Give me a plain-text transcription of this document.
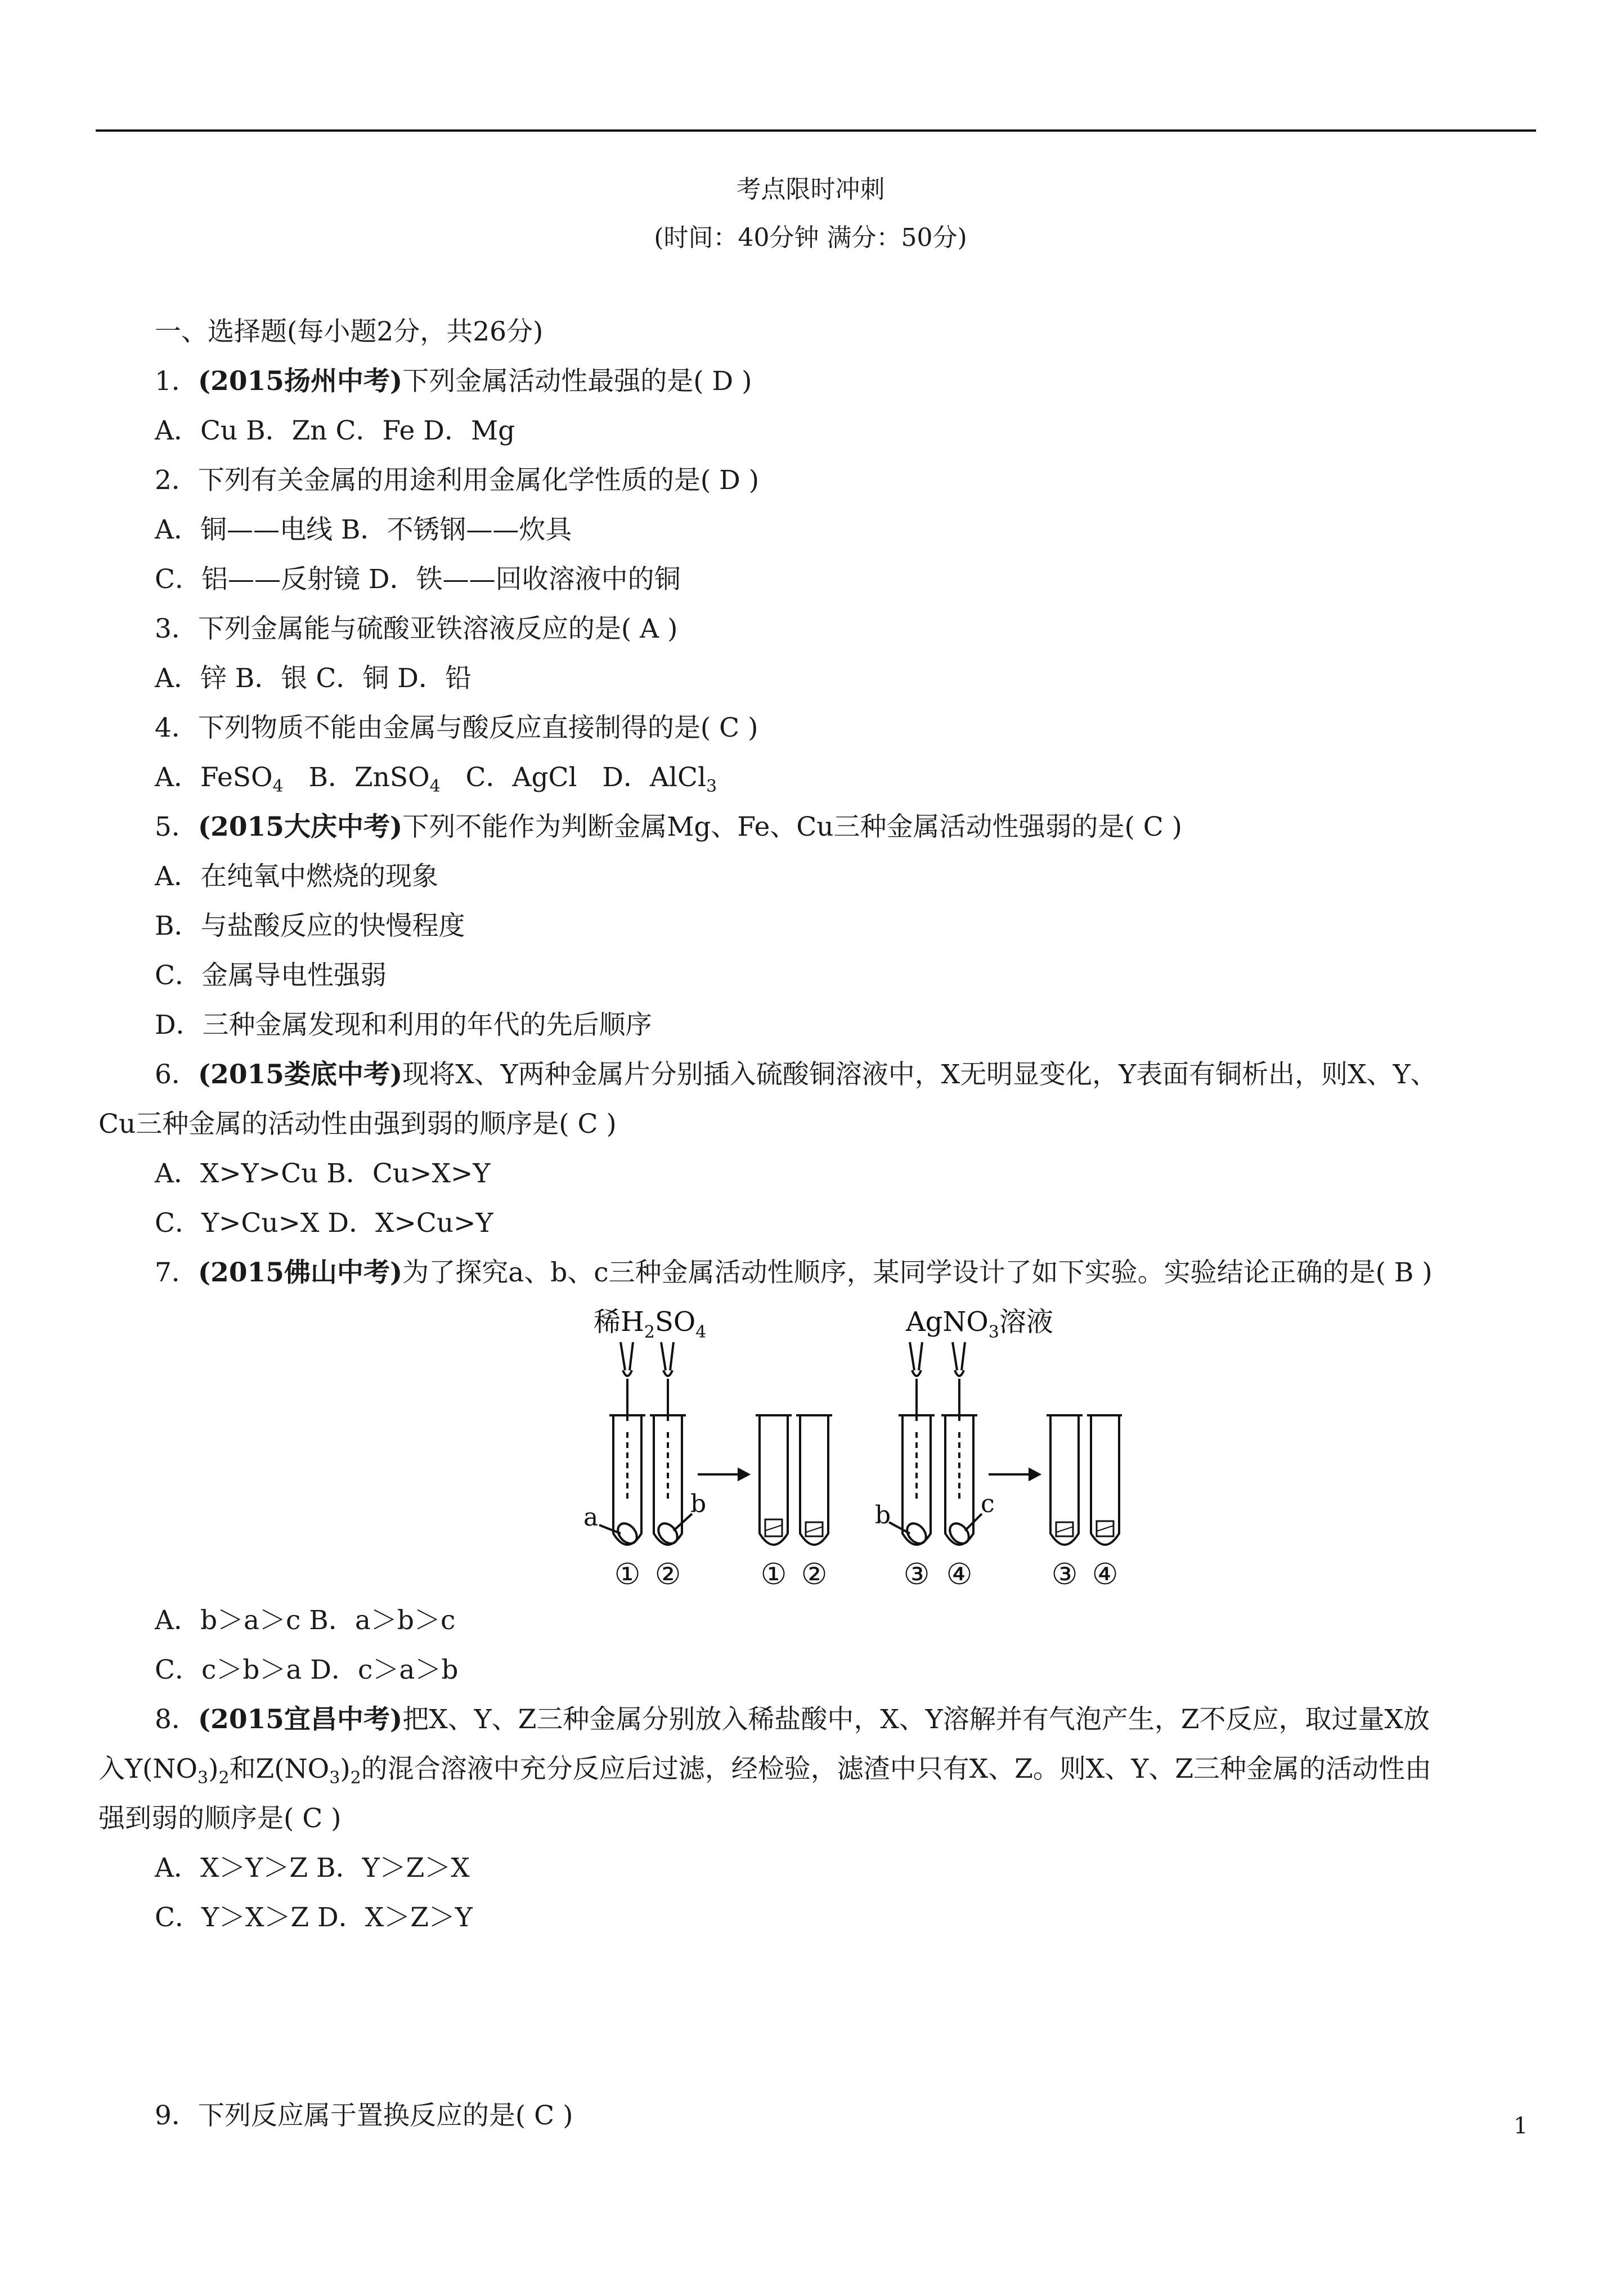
考点限时冲刺
(时间：40分钟 满分：50分)
一、选择题(每小题2分，共26分)
1．(2015扬州中考)下列金属活动性最强的是( D )
A．Cu B．Zn C．Fe D．Mg
2．下列有关金属的用途利用金属化学性质的是( D )
A．铜——电线 B．不锈钢——炊具
C．铝——反射镜 D．铁——回收溶液中的铜
3．下列金属能与硫酸亚铁溶液反应的是( A )
A．锌 B．银 C．铜 D．铅
4．下列物质不能由金属与酸反应直接制得的是( C )
A．FeSO$_4$   B．ZnSO$_4$   C．AgCl   D．AlCl$_3$
5．(2015大庆中考)下列不能作为判断金属Mg、Fe、Cu三种金属活动性强弱的是( C )
A．在纯氧中燃烧的现象
B．与盐酸反应的快慢程度
C．金属导电性强弱
D．三种金属发现和利用的年代的先后顺序
6．(2015娄底中考)现将X、Y两种金属片分别插入硫酸铜溶液中，X无明显变化，Y表面有铜析出，则X、Y、
Cu三种金属的活动性由强到弱的顺序是( C )
A．X>Y>Cu B．Cu>X>Y
C．Y>Cu>X D．X>Cu>Y
7．(2015佛山中考)为了探究a、b、c三种金属活动性顺序，某同学设计了如下实验。实验结论正确的是( B )
稀$H_2SO_4$	AgNO$_3$溶液
a	b	b	c
① ②	① ②	③ ④	③ ④
A．b＞a＞c B．a＞b＞c
C．c＞b＞a D．c＞a＞b
8．(2015宜昌中考)把X、Y、Z三种金属分别放入稀盐酸中，X、Y溶解并有气泡产生，Z不反应，取过量X放
入$Y(NO_3)_2$和$Z(NO_3)_2$的混合溶液中充分反应后过滤，经检验，滤渣中只有X、Z。则X、Y、Z三种金属的活动性由
强到弱的顺序是( C )
A．X＞Y＞Z B．Y＞Z＞X
C．Y＞X＞Z D．X＞Z＞Y
9．下列反应属于置换反应的是( C )	1
